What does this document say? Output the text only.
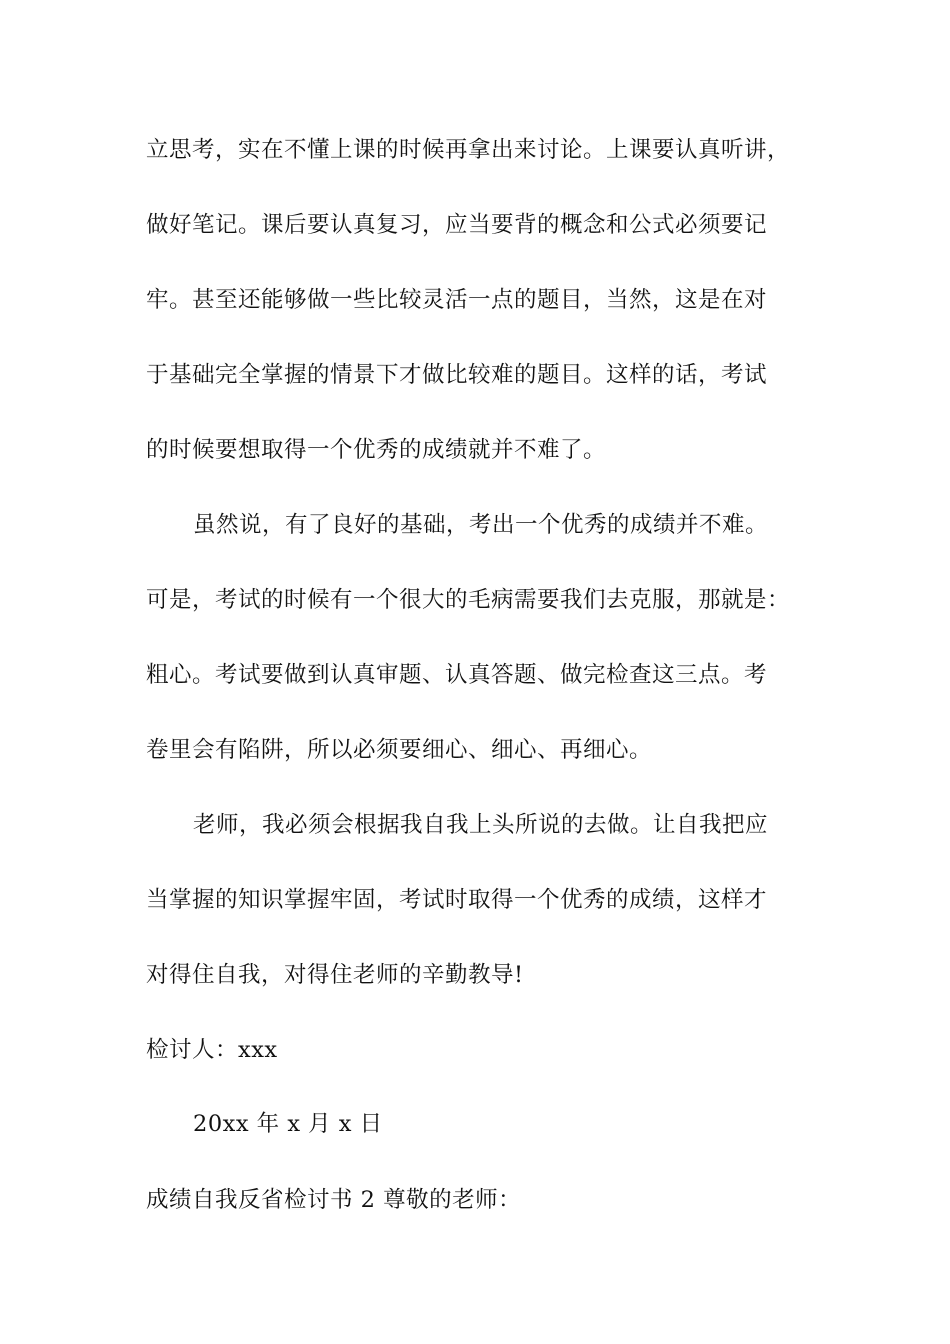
立思考，实在不懂上课的时候再拿出来讨论。上课要认真听讲，
做好笔记。课后要认真复习，应当要背的概念和公式必须要记
牢。甚至还能够做一些比较灵活一点的题目，当然，这是在对
于基础完全掌握的情景下才做比较难的题目。这样的话，考试
的时候要想取得一个优秀的成绩就并不难了。
虽然说，有了良好的基础，考出一个优秀的成绩并不难。
可是，考试的时候有一个很大的毛病需要我们去克服，那就是：
粗心。考试要做到认真审题、认真答题、做完检查这三点。考
卷里会有陷阱，所以必须要细心、细心、再细心。
老师，我必须会根据我自我上头所说的去做。让自我把应
当掌握的知识掌握牢固，考试时取得一个优秀的成绩，这样才
对得住自我，对得住老师的辛勤教导!
检讨人：xxx
20xx 年 x 月 x 日
成绩自我反省检讨书 2 尊敬的老师：
